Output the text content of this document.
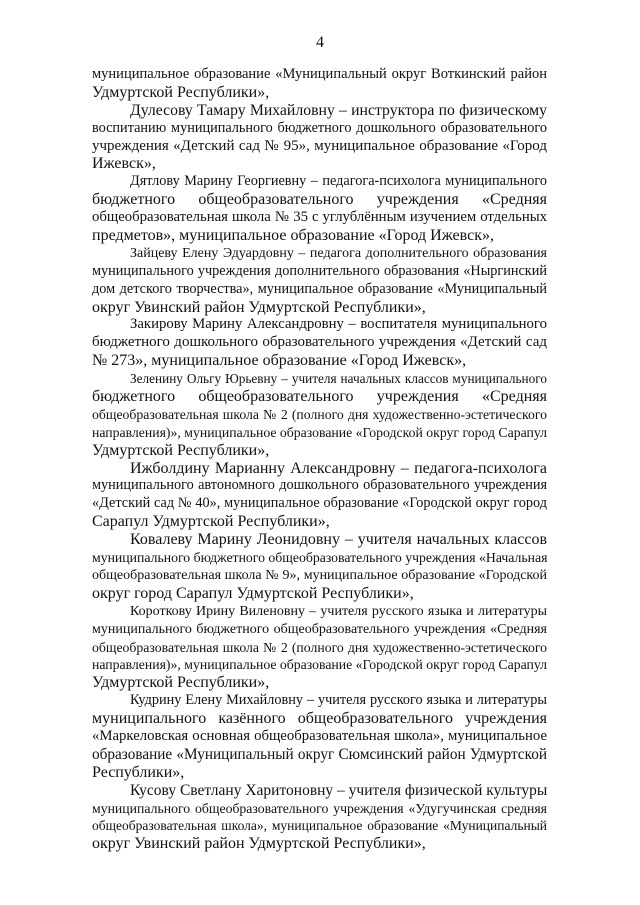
4
муниципальное образование «Муниципальный округ Воткинский район
Удмуртской Республики»,
Дулесову Тамару Михайловну – инструктора по физическому
воспитанию муниципального бюджетного дошкольного образовательного
учреждения «Детский сад № 95», муниципальное образование «Город
Ижевск»,
Дятлову Марину Георгиевну – педагога-психолога муниципального
бюджетного общеобразовательного учреждения «Средняя
общеобразовательная школа № 35 с углублённым изучением отдельных
предметов», муниципальное образование «Город Ижевск»,
Зайцеву Елену Эдуардовну – педагога дополнительного образования
муниципального учреждения дополнительного образования «Ныргинский
дом детского творчества», муниципальное образование «Муниципальный
округ Увинский район Удмуртской Республики»,
Закирову Марину Александровну – воспитателя муниципального
бюджетного дошкольного образовательного учреждения «Детский сад
№ 273», муниципальное образование «Город Ижевск»,
Зеленину Ольгу Юрьевну – учителя начальных классов муниципального
бюджетного общеобразовательного учреждения «Средняя
общеобразовательная школа № 2 (полного дня художественно-эстетического
направления)», муниципальное образование «Городской округ город Сарапул
Удмуртской Республики»,
Ижболдину Марианну Александровну – педагога-психолога
муниципального автономного дошкольного образовательного учреждения
«Детский сад № 40», муниципальное образование «Городской округ город
Сарапул Удмуртской Республики»,
Ковалеву Марину Леонидовну – учителя начальных классов
муниципального бюджетного общеобразовательного учреждения «Начальная
общеобразовательная школа № 9», муниципальное образование «Городской
округ город Сарапул Удмуртской Республики»,
Короткову Ирину Виленовну – учителя русского языка и литературы
муниципального бюджетного общеобразовательного учреждения «Средняя
общеобразовательная школа № 2 (полного дня художественно-эстетического
направления)», муниципальное образование «Городской округ город Сарапул
Удмуртской Республики»,
Кудрину Елену Михайловну – учителя русского языка и литературы
муниципального казённого общеобразовательного учреждения
«Маркеловская основная общеобразовательная школа», муниципальное
образование «Муниципальный округ Сюмсинский район Удмуртской
Республики»,
Кусову Светлану Харитоновну – учителя физической культуры
муниципального общеобразовательного учреждения «Удугучинская средняя
общеобразовательная школа», муниципальное образование «Муниципальный
округ Увинский район Удмуртской Республики»,
